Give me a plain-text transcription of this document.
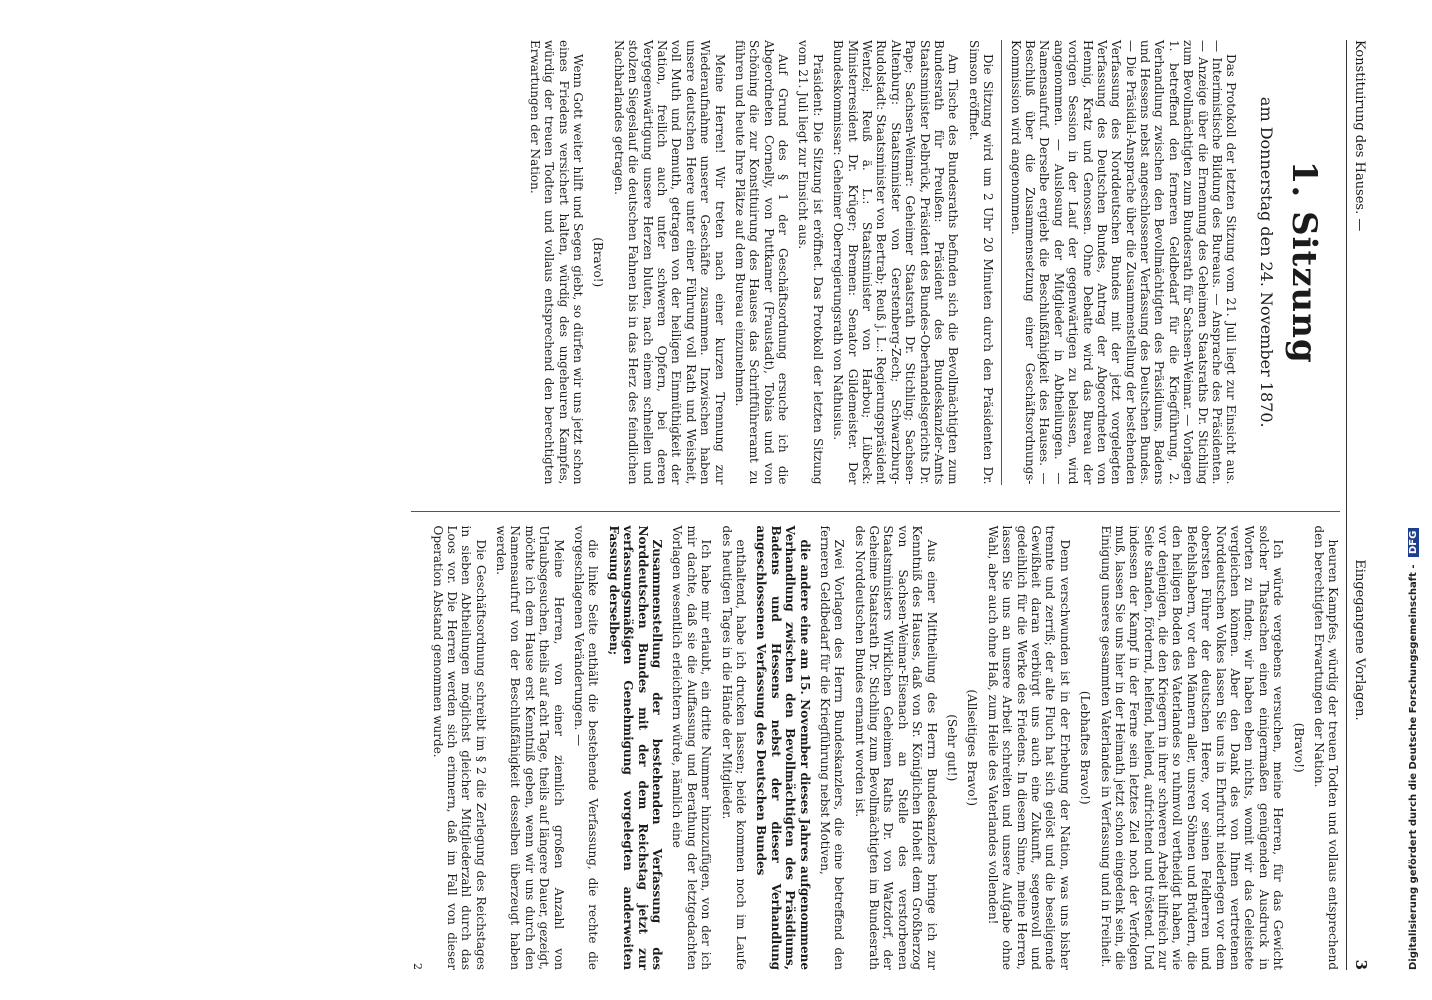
Konstituirung des Hauses. —
Eingegangene Vorlagen.
3
1. Sitzung

am Donnerstag den 24. November 1870.

Das Protokoll der letzten Sitzung vom 21. Juli liegt zur Einsicht aus. — Interimistische Bildung des Bureaus. — Ansprache des Präsidenten. — Anzeige über die Ernennung des Geheimen Staatsraths Dr. Stichling zum Bevollmächtigten zum Bundesrath für Sachsen-Weimar. — Vorlagen 1. betreffend den ferneren Geldbedarf für die Kriegführung, 2. Verhandlung zwischen den Bevollmächtigten des Präsidiums, Badens und Hessens nebst angeschlossener Verfassung des Deutschen Bundes. — Die Präsidial-Ansprache über die Zusammenstellung der bestehenden Verfassung des Norddeutschen Bundes mit der jetzt vorgelegten Verfassung des Deutschen Bundes, Antrag der Abgeordneten von Hennig, Kratz und Genossen. Ohne Debatte wird das Bureau der vorigen Session in der Lauf der gegenwärtigen zu belassen, wird angenommen. — Auslosung der Mitglieder in Abtheilungen. — Namensaufruf. Derselbe ergiebt die Beschlußfähigkeit des Hauses. — Beschluß über die Zusammensetzung einer Geschäftsordnungs-Kommission wird angenommen.

Die Sitzung wird um 2 Uhr 20 Minuten durch den Präsidenten Dr. Simson eröffnet.

Am Tische des Bundesraths befinden sich die Bevollmächtigten zum Bundesrath für Preußen: Präsident des Bundeskanzler-Amts Staatsminister Delbrück, Präsident des Bundes-Oberhandelsgerichts Dr. Pape; Sachsen-Weimar: Geheimer Staatsrath Dr. Stichling; Sachsen-Altenburg: Staatsminister von Gerstenberg-Zech; Schwarzburg-Rudolstadt: Staatsminister von Bertrab; Reuß j. L.: Regierungspräsident Wentzel; Reuß ä. L.: Staatsminister von Harbou; Lübeck: Ministerresident Dr. Krüger; Bremen: Senator Gildemeister. Der Bundeskommissar: Geheimer Oberregierungsrath von Nathusius.

Präsident: Die Sitzung ist eröffnet. Das Protokoll der letzten Sitzung vom 21. Juli liegt zur Einsicht aus.

Auf Grund des § 1 der Geschäftsordnung ersuche ich die Abgeordneten Cornelly, von Puttkamer (Fraustadt), Tobias und von Schöning die zur Konstituirung des Hauses das Schriftführeramt zu führen und heute Ihre Plätze auf dem Bureau einzunehmen.

Meine Herren! Wir treten nach einer kurzen Trennung zur Wiederaufnahme unserer Geschäfte zusammen. Inzwischen haben unsere deutschen Heere unter einer Führung voll Rath und Weisheit, voll Muth und Demuth, getragen von der heiligen Einmüthigkeit der Nation, freilich auch unter schweren Opfern, bei deren Vergegenwärtigung unsere Herzen bluten, nach einem schnellen und stolzen Siegeslauf die deutschen Fahnen bis in das Herz des feindlichen Nachbarlandes getragen.

(Bravo!)

Wenn Gott weiter hilft und Segen giebt, so dürfen wir uns jetzt schon eines Friedens versichert halten, würdig des ungeheuren Kampfes, würdig der treuen Todten und vollaus entsprechend den berechtigten Erwartungen der Nation.

heuren Kampfes, würdig der treuen Todten und vollaus entsprechend den berechtigten Erwartungen der Nation.

(Bravo!)

Ich würde vergebens versuchen, meine Herren, für das Gewicht solcher Thatsachen einen einigermaßen genügenden Ausdruck in Worten zu finden; wir haben eben nichts, womit wir das Geleistete vergleichen können. Aber den Dank des von Ihnen vertretenen Norddeutschen Volkes lassen Sie uns in Ehrfurcht niederlegen vor dem obersten Führer der deutschen Heere, vor seinen Feldherren und Befehlshabern, vor den Männern aller, unsren Söhnen und Brüdern, die den heiligen Boden des Vaterlandes so ruhmvoll vertheidigt haben, wie vor denjenigen, die den Kriegern in ihrer schweren Arbeit hilfreich zur Seite standen, fördernd, helfend, heilend, aufrichtend und tröstend. Und indessen der Kampf in der Ferne sein letztes Ziel noch der Verfolgen muß, lassen Sie uns hier in der Heimath jetzt schon eingedenk sein, die Einigung unseres gesammten Vaterlandes in Verfassung und in Freiheit.

(Lebhaftes Bravo!)

Denn verschwunden ist in der Erhebung der Nation, was uns bisher trennte und zerriß; der alte Fluch hat sich gelöst und die beseligende Gewißheit daran verbürgt uns auch eine Zukunft, segensvoll und gedeihlich für die Werke des Friedens. In diesem Sinne, meine Herren, lassen Sie uns an unsere Arbeit schreiten und unsere Aufgabe ohne Wahl, aber auch ohne Haß, zum Heile des Vaterlandes vollenden!

(Allseitiges Bravo!)

(Sehr gut!)

Aus einer Mittheilung des Herrn Bundeskanzlers bringe ich zur Kenntniß des Hauses, daß von Sr. Königlichen Hoheit dem Großherzog von Sachsen-Weimar-Eisenach an Stelle des verstorbenen Staatsministers Wirklichen Geheimen Raths Dr. von Watzdorf, der Geheime Staatsrath Dr. Stichling zum Bevollmächtigten im Bundesrath des Norddeutschen Bundes ernannt worden ist.

Zwei Vorlagen des Herrn Bundeskanzlers, die eine betreffend den ferneren Geldbedarf für die Kriegführung nebst Motiven,

die andere eine am 15. November dieses Jahres aufgenommene Verhandlung zwischen den Bevollmächtigten des Präsidiums, Badens und Hessens nebst der dieser Verhandlung angeschlossenen Verfassung des Deutschen Bundes

enthaltend, habe ich drucken lassen; beide kommen noch im Laufe des heutigen Tages in die Hände der Mitglieder.

Ich habe mir erlaubt, ein dritte Nummer hinzuzufügen, von der ich mir dachte, daß sie die Auffassung und Berathung der letztgedachten Vorlagen wesentlich erleichtern würde, nämlich eine

Zusammenstellung der bestehenden Verfassung des Norddeutschen Bundes mit der dem Reichstag jetzt zur verfassungsmäßigen Genehmigung vorgelegten anderweiten Fassung derselben;

die linke Seite enthält die bestehende Verfassung, die rechte die vorgeschlagenen Veränderungen. —

Meine Herren, von einer ziemlich großen Anzahl von Urlaubsgesuchen, theils auf acht Tage, theils auf längere Dauer, gezeigt, möchte ich dem Hause erst Kenntniß geben, wenn wir uns durch den Namensaufruf von der Beschlußfähigkeit desselben überzeugt haben werden.

Die Geschäftsordnung schreibt im § 2 die Zerlegung des Reichstages in sieben Abtheilungen möglichst gleicher Mitgliederzahl durch das Loos vor. Die Herren werden sich erinnern, daß im Fall von dieser Operation Abstand genommen wurde.

2	Digitalisierung gefördert durch die Deutsche Forschungsgemeinschaft - DFG
